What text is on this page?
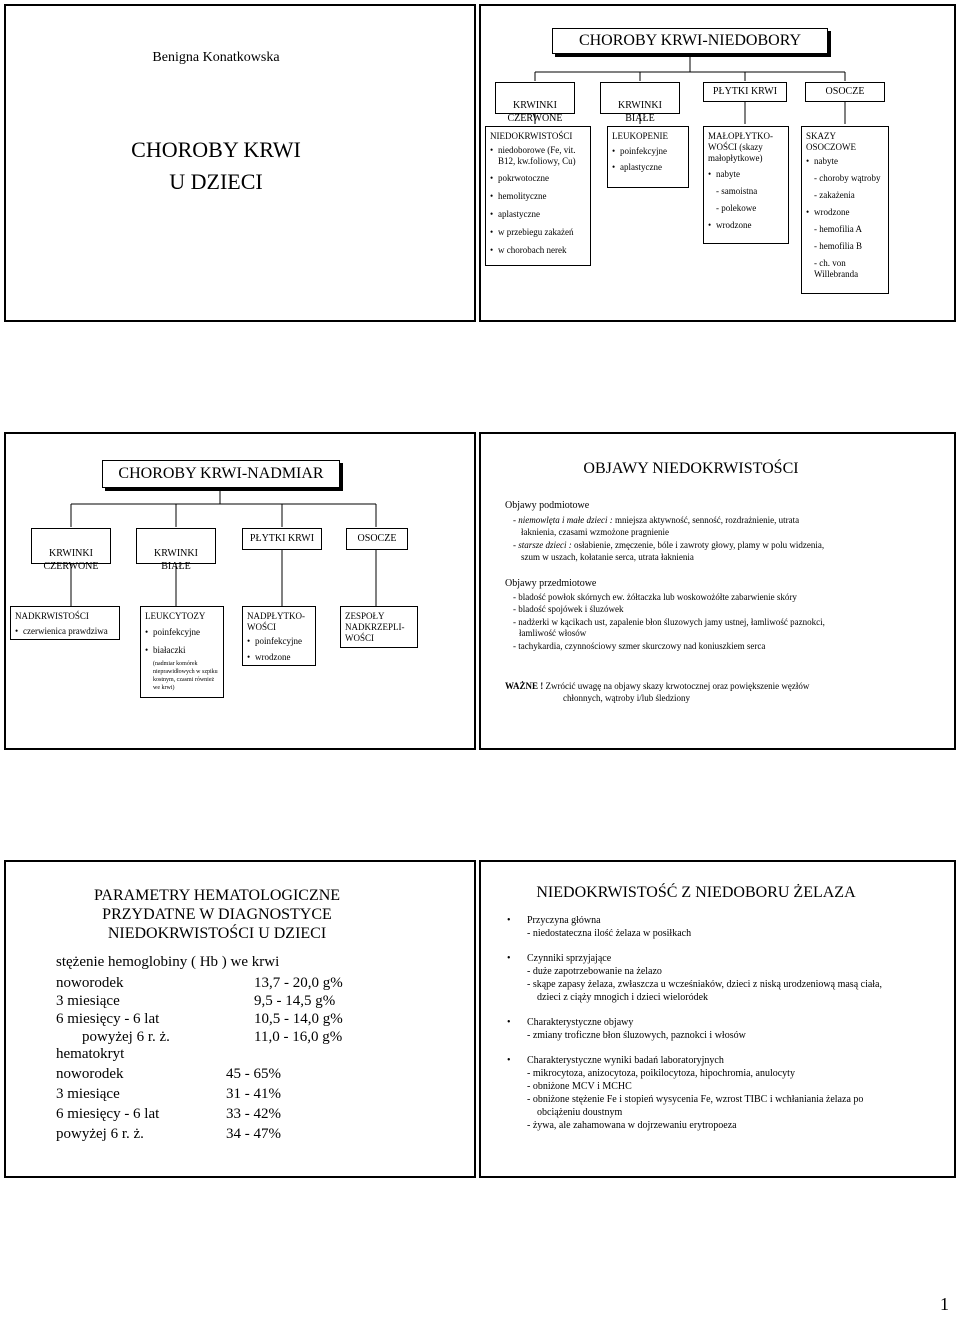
Benigna Konatkowska
CHOROBY KRWI
U DZIECI
CHOROBY KRWI-NIEDOBORY

KRWINKI
CZERWONE

KRWINKI
BIAŁE

PŁYTKI KRWI	OSOCZE
NIEDOKRWISTOŚCI
• niedoborowe (Fe, vit. B12, kw.foliowy, Cu)
• pokrwotoczne
• hemolityczne
• aplastyczne
• w przebiegu zakażeń
• w chorobach nerek
LEUKOPENIE
• poinfekcyjne
• aplastyczne
MAŁOPŁYTKO-WOŚCI (skazy małopłytkowe)
• nabyte
- samoistna
- polekowe
• wrodzone
SKAZY OSOCZOWE
• nabyte
- choroby wątroby
- zakażenia
• wrodzone
- hemofilia A
- hemofilia B
- ch. von Willebranda
CHOROBY KRWI-NADMIAR

KRWINKI
CZERWONE

KRWINKI
BIAŁE

PŁYTKI KRWI	OSOCZE
NADKRWISTOŚCI
• czerwienica prawdziwa
LEUKCYTOZY
• poinfekcyjne
• białaczki
(nadmiar komórek nieprawidłowych w szpiku kostnym, czasmi również we krwi)
NADPŁYTKO-WOŚCI
• poinfekcyjne
• wrodzone
ZESPOŁY NADKRZEPLI-WOŚCI
OBJAWY NIEDOKRWISTOŚCI
Objawy podmiotowe
- niemowlęta i małe dzieci : mniejsza aktywność, senność, rozdrażnienie, utrata łaknienia, czasami wzmożone pragnienie
- starsze dzieci : osłabienie, zmęczenie, bóle i zawroty głowy, plamy w polu widzenia, szum w uszach, kołatanie serca, utrata łaknienia
Objawy przedmiotowe
- bladość powłok skórnych ew. żółtaczka lub woskowożółte zabarwienie skóry
- bladość spojówek i śluzówek
- nadżerki w kącikach ust, zapalenie błon śluzowych jamy ustnej, łamliwość paznokci, łamliwość włosów
- tachykardia, czynnościowy szmer skurczowy nad koniuszkiem serca
WAŻNE ! Zwrócić uwagę na objawy skazy krwotocznej oraz powiększenie węzłów chłonnych, wątroby i/lub śledziony
PARAMETRY HEMATOLOGICZNE PRZYDATNE W DIAGNOSTYCE NIEDOKRWISTOŚCI U DZIECI
stężenie hemoglobiny ( Hb ) we krwi
noworodek	13,7 - 20,0 g%
3 miesiące	9,5 - 14,5 g%
6 miesięcy - 6 lat	10,5 - 14,0 g%
powyżej 6 r. ż.	11,0 - 16,0 g%
hematokryt
noworodek	45 - 65%
3 miesiące	31 - 41%
6 miesięcy - 6 lat	33 - 42%
powyżej 6 r. ż.	34 - 47%
NIEDOKRWISTOŚĆ Z NIEDOBORU ŻELAZA
• Przyczyna główna
- niedostateczna ilość żelaza w posiłkach
• Czynniki sprzyjające
- duże zapotrzebowanie na żelazo
- skąpe zapasy żelaza, zwłaszcza u wcześniaków, dzieci z niską urodzeniową masą ciała, dzieci z ciąży mnogich i dzieci wieloródek
• Charakterystyczne objawy
- zmiany troficzne błon śluzowych, paznokci i włosów
• Charakterystyczne wyniki badań laboratoryjnych
- mikrocytoza, anizocytoza, poikilocytoza, hipochromia, anulocyty
- obniżone MCV i MCHC
- obniżone stężenie Fe i stopień wysycenia Fe, wzrost TIBC i wchłaniania żelaza po obciążeniu doustnym
- żywa, ale zahamowana w dojrzewaniu erytropoeza
1
